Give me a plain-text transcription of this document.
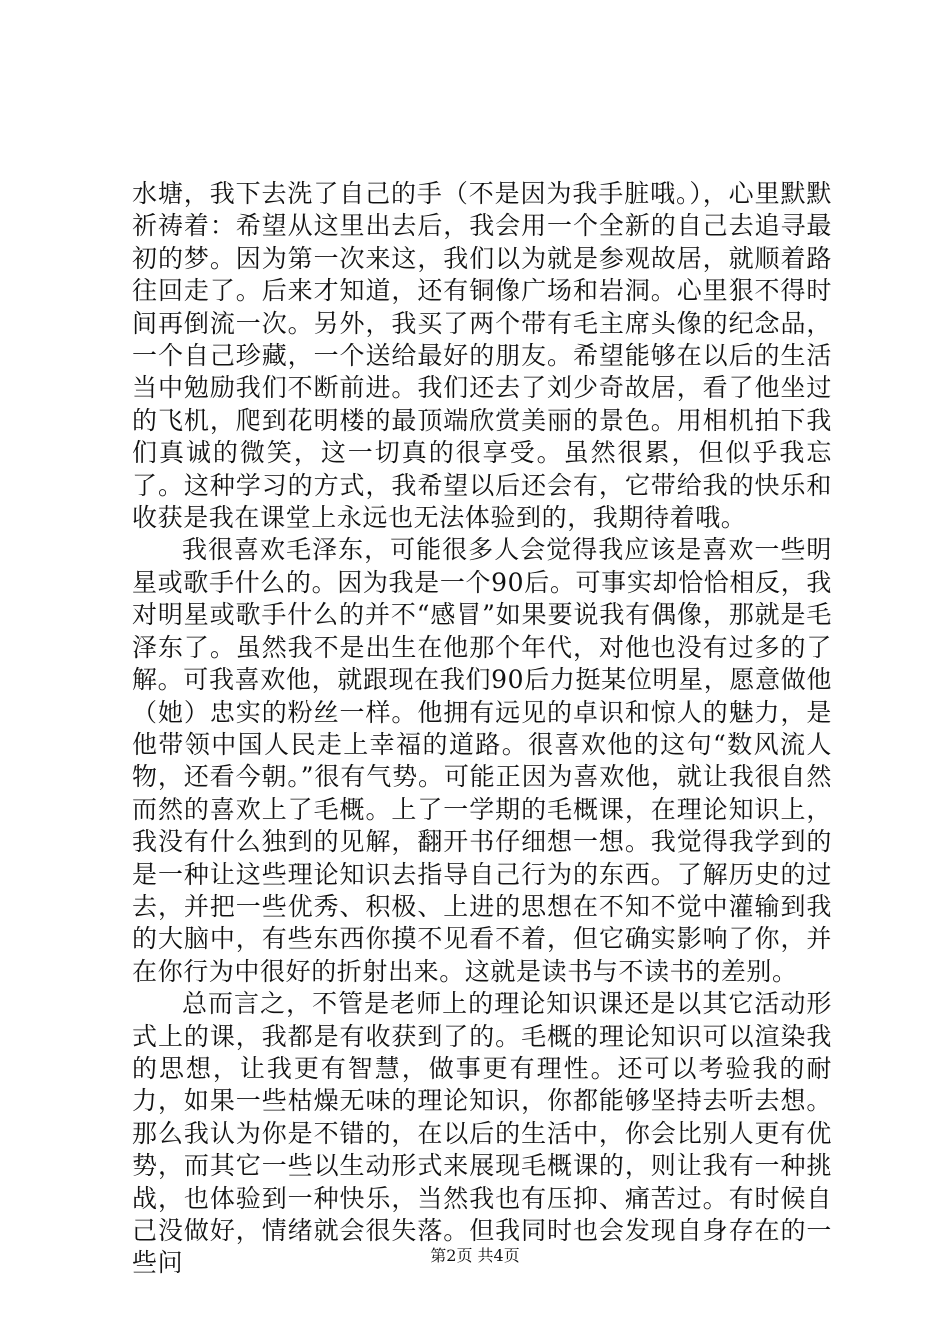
水塘，我下去洗了自己的手（不是因为我手脏哦。），心里默默祈祷着：希望从这里出去后，我会用一个全新的自己去追寻最初的梦。因为第一次来这，我们以为就是参观故居，就顺着路往回走了。后来才知道，还有铜像广场和岩洞。心里狠不得时间再倒流一次。另外，我买了两个带有毛主席头像的纪念品，一个自己珍藏，一个送给最好的朋友。希望能够在以后的生活当中勉励我们不断前进。我们还去了刘少奇故居，看了他坐过的飞机，爬到花明楼的最顶端欣赏美丽的景色。用相机拍下我们真诚的微笑，这一切真的很享受。虽然很累，但似乎我忘了。这种学习的方式，我希望以后还会有，它带给我的快乐和收获是我在课堂上永远也无法体验到的，我期待着哦。

我很喜欢毛泽东，可能很多人会觉得我应该是喜欢一些明星或歌手什么的。因为我是一个90后。可事实却恰恰相反，我对明星或歌手什么的并不“感冒”如果要说我有偶像，那就是毛泽东了。虽然我不是出生在他那个年代，对他也没有过多的了解。可我喜欢他，就跟现在我们90后力挺某位明星，愿意做他（她）忠实的粉丝一样。他拥有远见的卓识和惊人的魅力，是他带领中国人民走上幸福的道路。很喜欢他的这句“数风流人物，还看今朝。”很有气势。可能正因为喜欢他，就让我很自然而然的喜欢上了毛概。上了一学期的毛概课，在理论知识上，我没有什么独到的见解，翻开书仔细想一想。我觉得我学到的是一种让这些理论知识去指导自己行为的东西。了解历史的过去，并把一些优秀、积极、上进的思想在不知不觉中灌输到我的大脑中，有些东西你摸不见看不着，但它确实影响了你，并在你行为中很好的折射出来。这就是读书与不读书的差别。

总而言之，不管是老师上的理论知识课还是以其它活动形式上的课，我都是有收获到了的。毛概的理论知识可以渲染我的思想，让我更有智慧，做事更有理性。还可以考验我的耐力，如果一些枯燥无味的理论知识，你都能够坚持去听去想。那么我认为你是不错的，在以后的生活中，你会比别人更有优势，而其它一些以生动形式来展现毛概课的，则让我有一种挑战，也体验到一种快乐，当然我也有压抑、痛苦过。有时候自己没做好，情绪就会很失落。但我同时也会发现自身存在的一些问	第2页 共4页
